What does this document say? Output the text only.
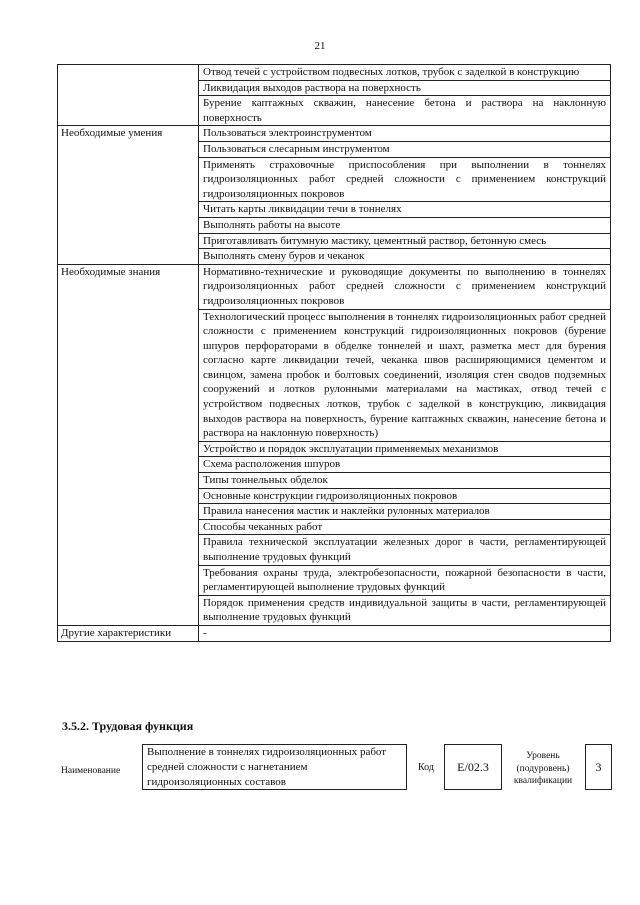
21
	Отвод течей с устройством подвесных лотков, трубок с заделкой в конструкцию
	Ликвидация выходов раствора на поверхность
	Бурение каптажных скважин, нанесение бетона и раствора на наклонную поверхность
Необходимые умения	Пользоваться электроинструментом
	Пользоваться слесарным инструментом
	Применять страховочные приспособления при выполнении в тоннелях гидроизоляционных работ средней сложности с применением конструкций гидроизоляционных покровов
	Читать карты ликвидации течи в тоннелях
	Выполнять работы на высоте
	Приготавливать битумную мастику, цементный раствор, бетонную смесь
	Выполнять смену буров и чеканок
Необходимые знания	Нормативно-технические и руководящие документы по выполнению в тоннелях гидроизоляционных работ средней сложности с применением конструкций гидроизоляционных покровов
	Технологический процесс выполнения в тоннелях гидроизоляционных работ средней сложности с применением конструкций гидроизоляционных покровов (бурение шпуров перфораторами в обделке тоннелей и шахт, разметка мест для бурения согласно карте ликвидации течей, чеканка швов расширяющимися цементом и свинцом, замена пробок и болтовых соединений, изоляция стен сводов подземных сооружений и лотков рулонными материалами на мастиках, отвод течей с устройством подвесных лотков, трубок с заделкой в конструкцию, ликвидация выходов раствора на поверхность, бурение каптажных скважин, нанесение бетона и раствора на наклонную поверхность)
	Устройство и порядок эксплуатации применяемых механизмов
	Схема расположения шпуров
	Типы тоннельных обделок
	Основные конструкции гидроизоляционных покровов
	Правила нанесения мастик и наклейки рулонных материалов
	Способы чеканных работ
	Правила технической эксплуатации железных дорог в части, регламентирующей выполнение трудовых функций
	Требования охраны труда, электробезопасности, пожарной безопасности в части, регламентирующей выполнение трудовых функций
	Порядок применения средств индивидуальной защиты в части, регламентирующей выполнение трудовых функций
Другие характеристики	-
3.5.2. Трудовая функция
Наименование
Выполнение в тоннелях гидроизоляционных работ средней сложности с нагнетанием гидроизоляционных составов
Код	E/02.3
Уровень (подуровень) квалификации
3
